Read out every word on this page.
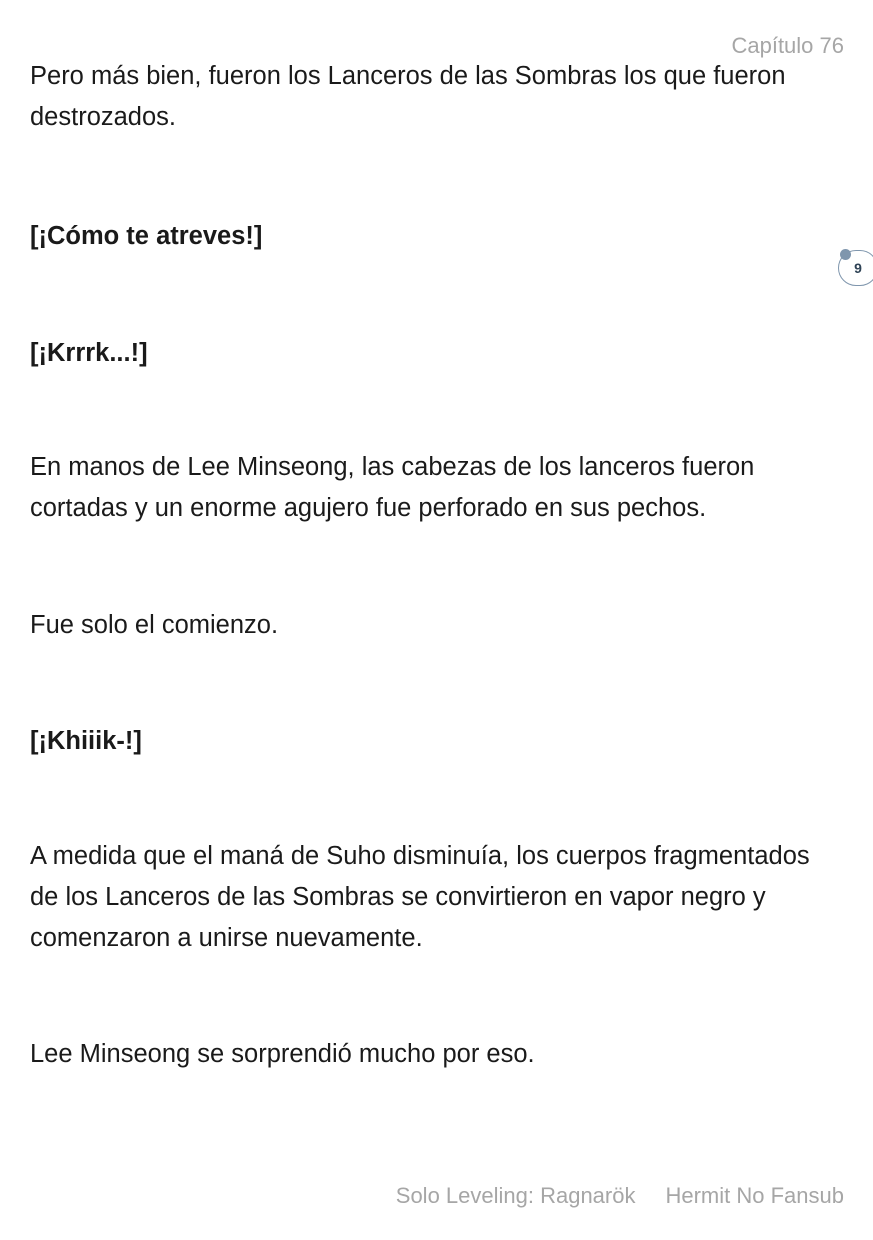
Capítulo 76

Pero más bien, fueron los Lanceros de las Sombras los que fueron destrozados.

[¡Cómo te atreves!]

[¡Krrrk...!]

En manos de Lee Minseong, las cabezas de los lanceros fueron cortadas y un enorme agujero fue perforado en sus pechos.

Fue solo el comienzo.

[¡Khiiik-!]

A medida que el maná de Suho disminuía, los cuerpos fragmentados de los Lanceros de las Sombras se convirtieron en vapor negro y comenzaron a unirse nuevamente.

Lee Minseong se sorprendió mucho por eso.

9
Solo Leveling: Ragnarök Hermit No Fansub
